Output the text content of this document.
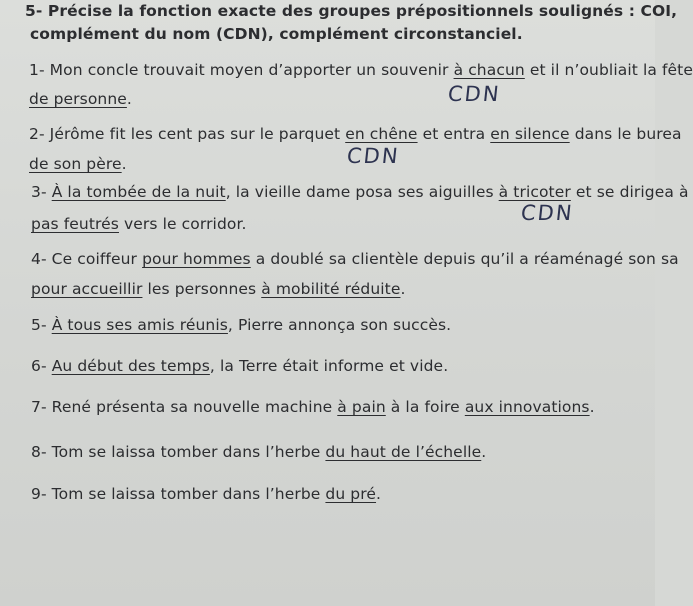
5- Précise la fonction exacte des groupes prépositionnels soulignés : COI,
complément du nom (CDN), complément circonstanciel.
1- Mon concle trouvait moyen d’apporter un souvenir à chacun et il n’oubliait la fête
de personne.	CDN
2- Jérôme fit les cent pas sur le parquet en chêne et entra en silence dans le burea
de son père.	CDN
3- À la tombée de la nuit, la vieille dame posa ses aiguilles à tricoter et se dirigea à
pas feutrés vers le corridor.	CDN
4- Ce coiffeur pour hommes a doublé sa clientèle depuis qu’il a réaménagé son sa
pour accueillir les personnes à mobilité réduite.
5- À tous ses amis réunis, Pierre annonça son succès.
6- Au début des temps, la Terre était informe et vide.
7- René présenta sa nouvelle machine à pain à la foire aux innovations.
8- Tom se laissa tomber dans l’herbe du haut de l’échelle.
9- Tom se laissa tomber dans l’herbe du pré.
